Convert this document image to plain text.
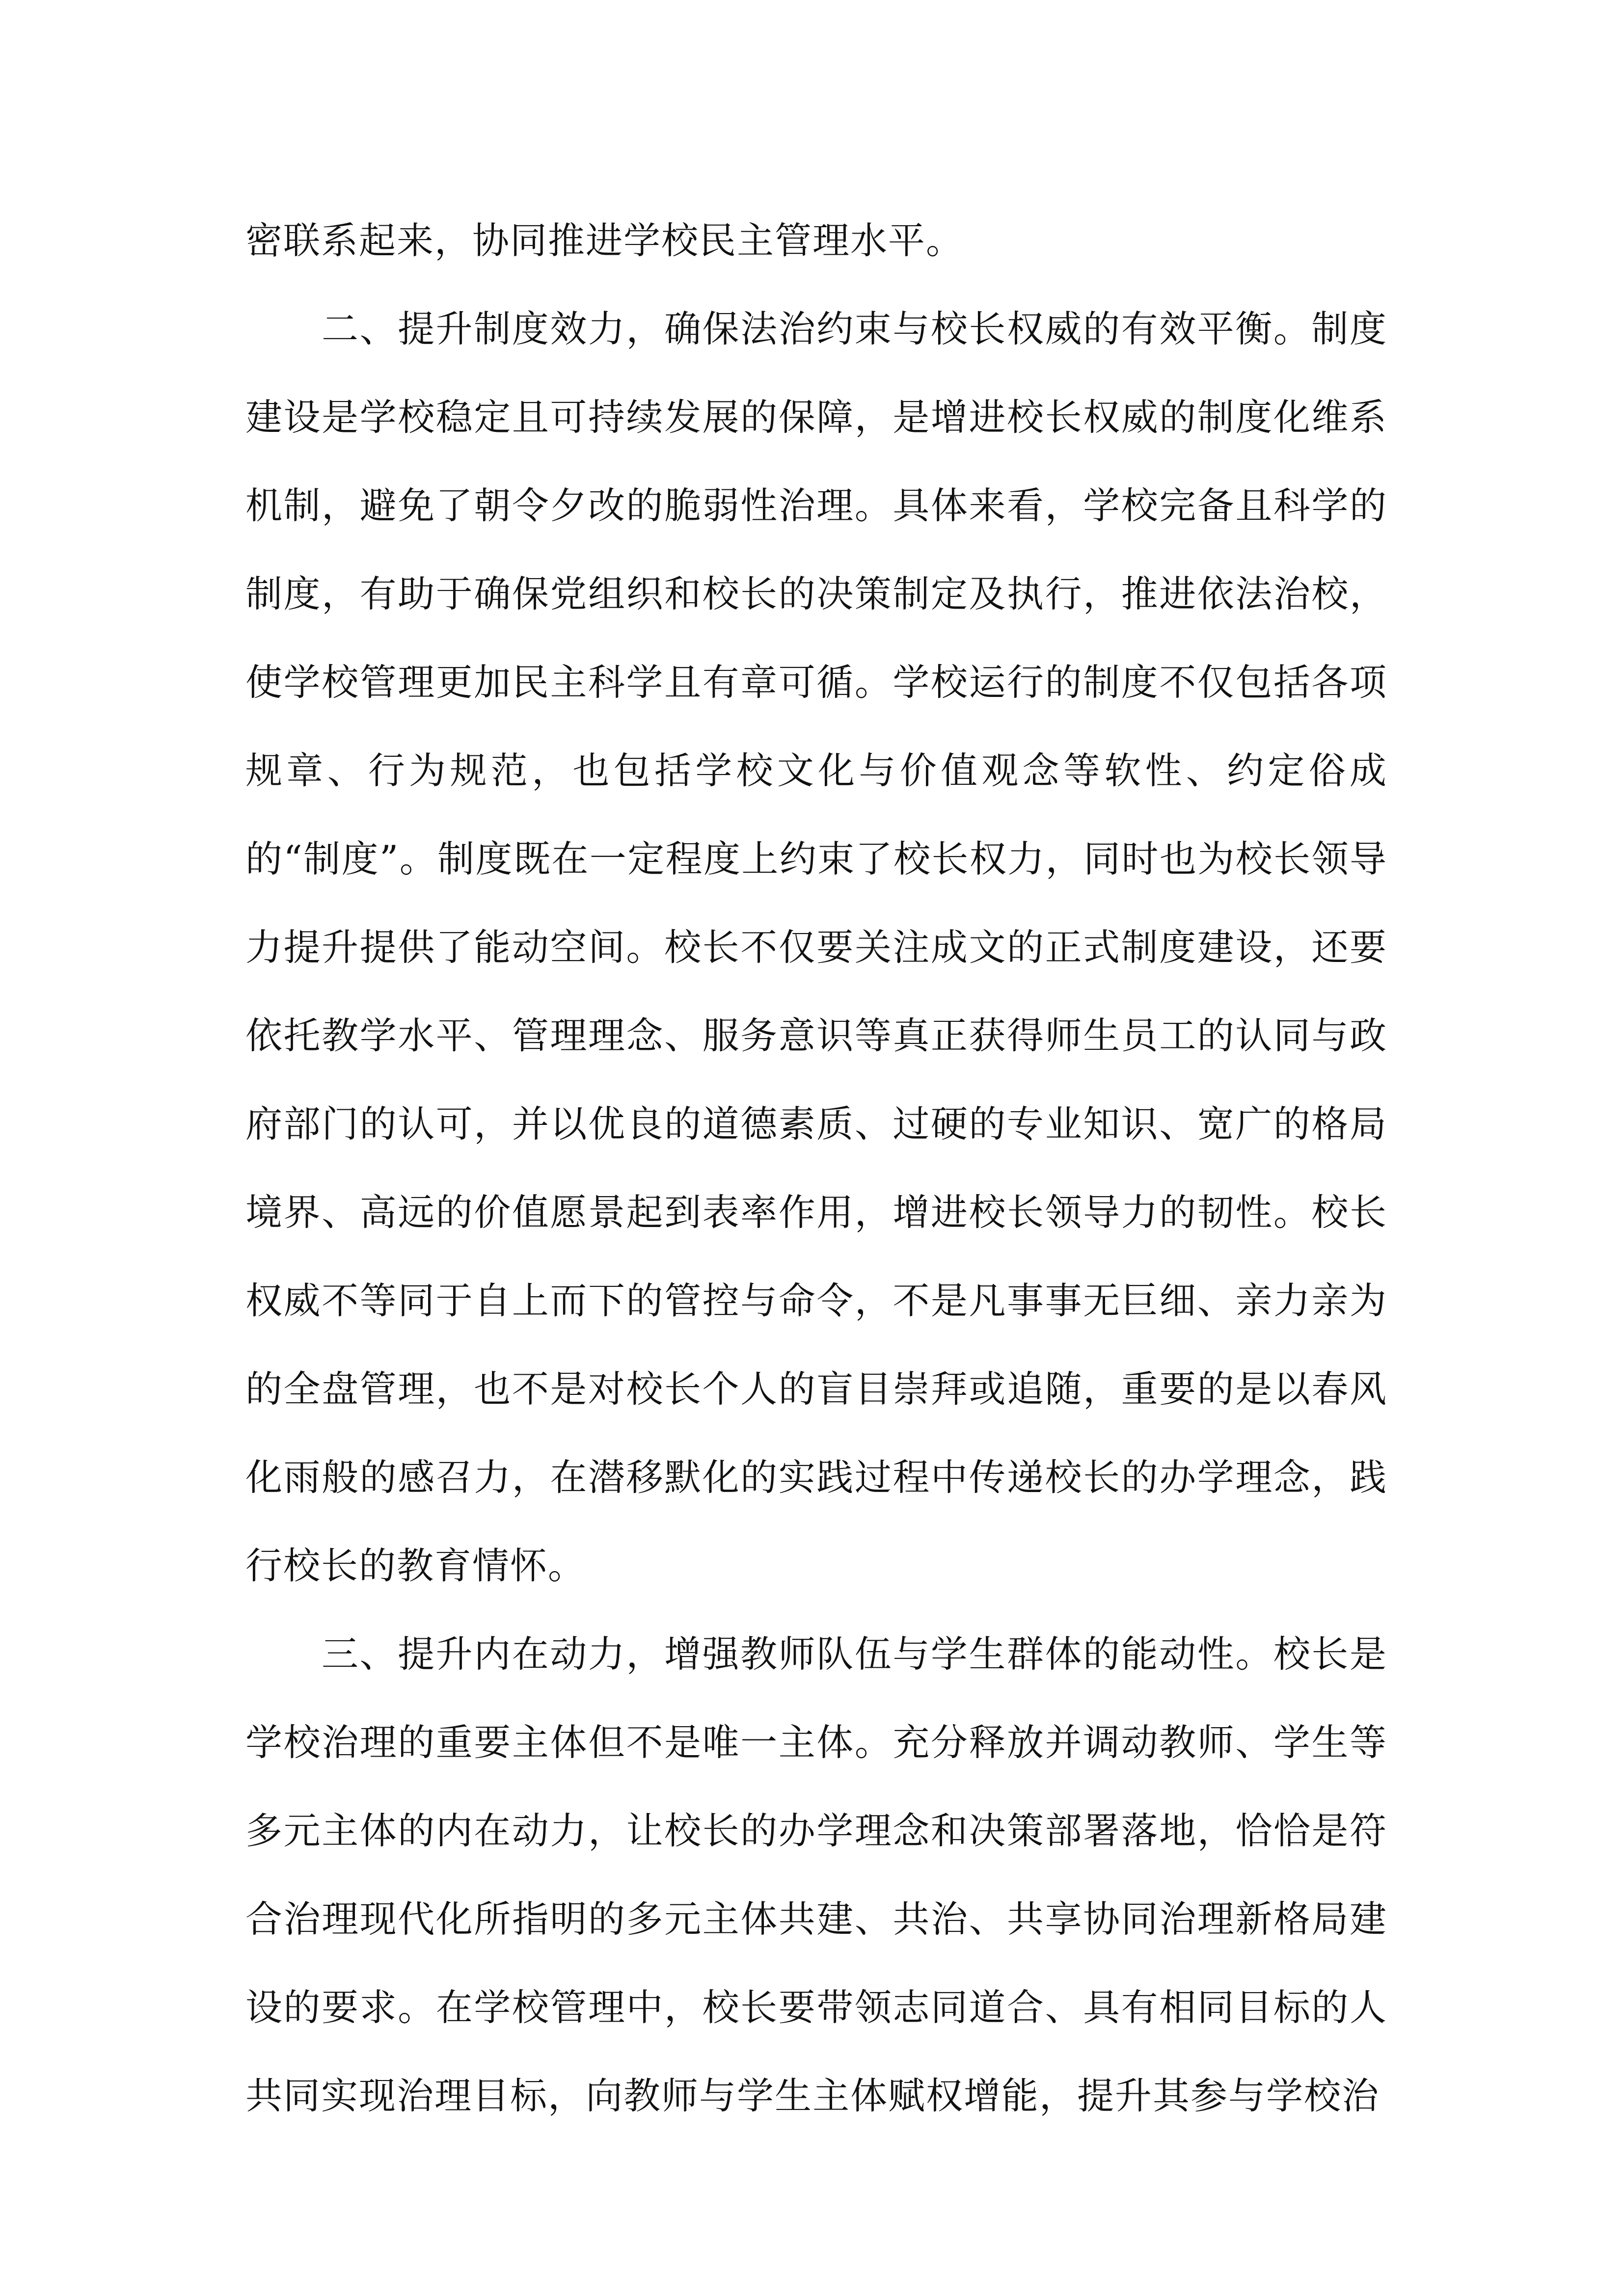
密联系起来，协同推进学校民主管理水平。

二、提升制度效力，确保法治约束与校长权威的有效平衡。制度建设是学校稳定且可持续发展的保障，是增进校长权威的制度化维系机制，避免了朝令夕改的脆弱性治理。具体来看，学校完备且科学的制度，有助于确保党组织和校长的决策制定及执行，推进依法治校，使学校管理更加民主科学且有章可循。学校运行的制度不仅包括各项规章、行为规范，也包括学校文化与价值观念等软性、约定俗成的“制度”。制度既在一定程度上约束了校长权力，同时也为校长领导力提升提供了能动空间。校长不仅要关注成文的正式制度建设，还要依托教学水平、管理理念、服务意识等真正获得师生员工的认同与政府部门的认可，并以优良的道德素质、过硬的专业知识、宽广的格局境界、高远的价值愿景起到表率作用，增进校长领导力的韧性。校长权威不等同于自上而下的管控与命令，不是凡事事无巨细、亲力亲为的全盘管理，也不是对校长个人的盲目崇拜或追随，重要的是以春风化雨般的感召力，在潜移默化的实践过程中传递校长的办学理念，践行校长的教育情怀。

三、提升内在动力，增强教师队伍与学生群体的能动性。校长是学校治理的重要主体但不是唯一主体。充分释放并调动教师、学生等多元主体的内在动力，让校长的办学理念和决策部署落地，恰恰是符合治理现代化所指明的多元主体共建、共治、共享协同治理新格局建设的要求。在学校管理中，校长要带领志同道合、具有相同目标的人共同实现治理目标，向教师与学生主体赋权增能，提升其参与学校治
